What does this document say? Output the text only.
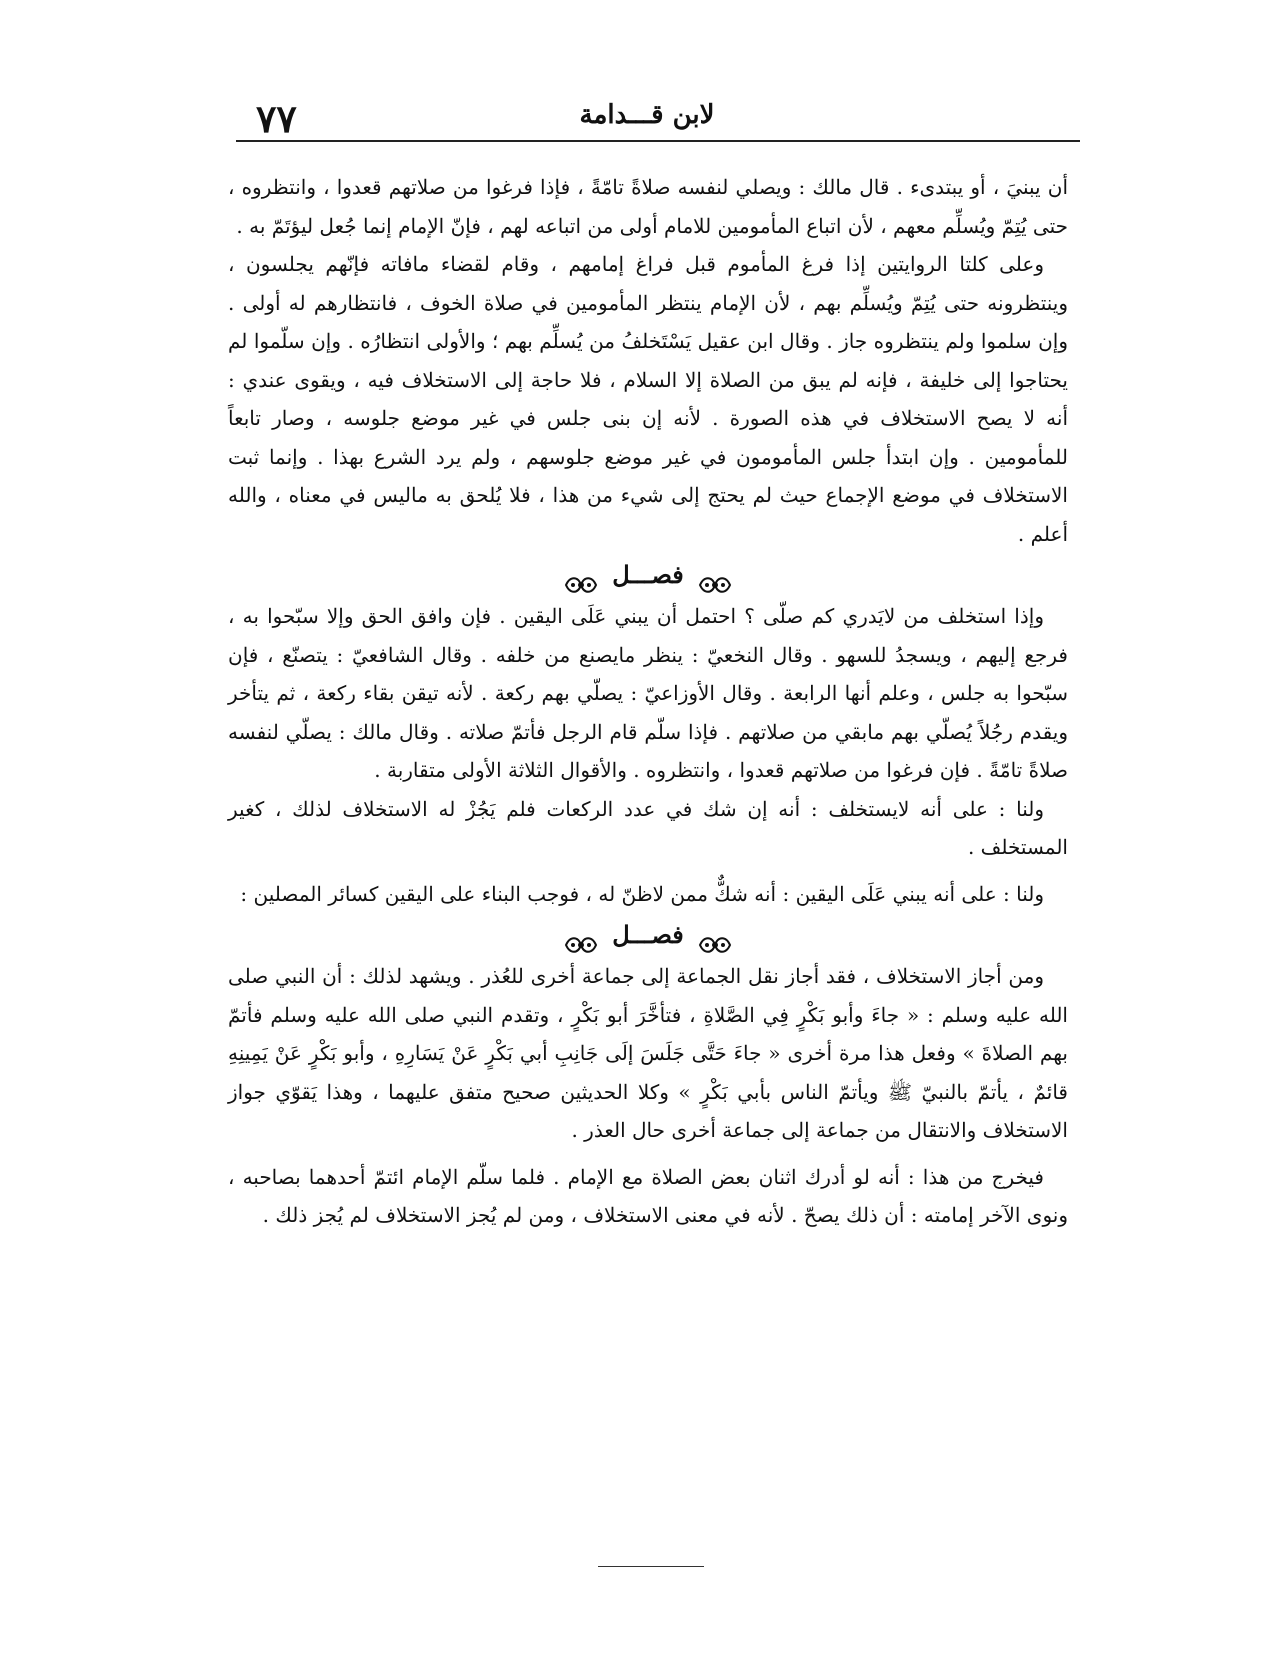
٧٧	لابن قـــدامة

أن يبنيَ ، أو يبتدىء . قال مالك : ويصلي لنفسه صلاةً تامّةً ، فإذا فرغوا من صلاتهم قعدوا ، وانتظروه ، حتى يُتِمّ ويُسلِّم معهم ، لأن اتباع المأمومين للامام أولى من اتباعه لهم ، فإنّ الإمام إنما جُعل ليؤتَمّ به .

وعلى كلتا الروايتين إذا فرغ المأموم قبل فراغ إمامهم ، وقام لقضاء مافاته فإنّهم يجلسون ، وينتظرونه حتى يُتِمّ ويُسلِّم بهم ، لأن الإمام ينتظر المأمومين في صلاة الخوف ، فانتظارهم له أولى . وإن سلموا ولم ينتظروه جاز . وقال ابن عقيل يَسْتَخلفُ من يُسلِّم بهم ؛ والأولى انتظارُه . وإن سلّموا لم يحتاجوا إلى خليفة ، فإنه لم يبق من الصلاة إلا السلام ، فلا حاجة إلى الاستخلاف فيه ، ويقوى عندي : أنه لا يصح الاستخلاف في هذه الصورة . لأنه إن بنى جلس في غير موضع جلوسه ، وصار تابعاً للمأمومين . وإن ابتدأ جلس المأمومون في غير موضع جلوسهم ، ولم يرد الشرع بهذا . وإنما ثبت الاستخلاف في موضع الإجماع حيث لم يحتج إلى شيء من هذا ، فلا يُلحق به ماليس في معناه ، والله أعلم .

فصـــل

وإذا استخلف من لايَدري كم صلّى ؟ احتمل أن يبني عَلَى اليقين . فإن وافق الحق وإلا سبّحوا به ، فرجع إليهم ، ويسجدُ للسهو . وقال النخعيّ : ينظر مايصنع من خلفه . وقال الشافعيّ : يتصنّع ، فإن سبّحوا به جلس ، وعلم أنها الرابعة . وقال الأوزاعيّ : يصلّي بهم ركعة . لأنه تيقن بقاء ركعة ، ثم يتأخر ويقدم رجُلاً يُصلّي بهم مابقي من صلاتهم . فإذا سلّم قام الرجل فأتمّ صلاته . وقال مالك : يصلّي لنفسه صلاةً تامّةً . فإن فرغوا من صلاتهم قعدوا ، وانتظروه . والأقوال الثلاثة الأولى متقاربة .

ولنا : على أنه لايستخلف : أنه إن شك في عدد الركعات فلم يَجُزْ له الاستخلاف لذلك ، كغير المستخلف .

ولنا : على أنه يبني عَلَى اليقين : أنه شكٌّ ممن لاظنّ له ، فوجب البناء على اليقين كسائر المصلين :

فصـــل

ومن أجاز الاستخلاف ، فقد أجاز نقل الجماعة إلى جماعة أخرى للعُذر . ويشهد لذلك : أن النبي صلى الله عليه وسلم : « جاءَ وأبو بَكْرٍ فِي الصَّلاةِ ، فتأخَّرَ أبو بَكْرٍ ، وتقدم النبي صلى الله عليه وسلم فأتمّ بهم الصلاةَ » وفعل هذا مرة أخرى « جاءَ حَتَّى جَلَسَ إلَى جَانِبِ أبي بَكْرٍ عَنْ يَسَارِهِ ، وأبو بَكْرٍ عَنْ يَمِينِهِ قائمٌ ، يأتمّ بالنبيّ ﷺ ويأتمّ الناس بأبي بَكْرٍ » وكلا الحديثين صحيح متفق عليهما ، وهذا يَقوّي جواز الاستخلاف والانتقال من جماعة إلى جماعة أخرى حال العذر .

فيخرج من هذا : أنه لو أدرك اثنان بعض الصلاة مع الإمام . فلما سلّم الإمام ائتمّ أحدهما بصاحبه ، ونوى الآخر إمامته : أن ذلك يصحّ . لأنه في معنى الاستخلاف ، ومن لم يُجز الاستخلاف لم يُجز ذلك .
